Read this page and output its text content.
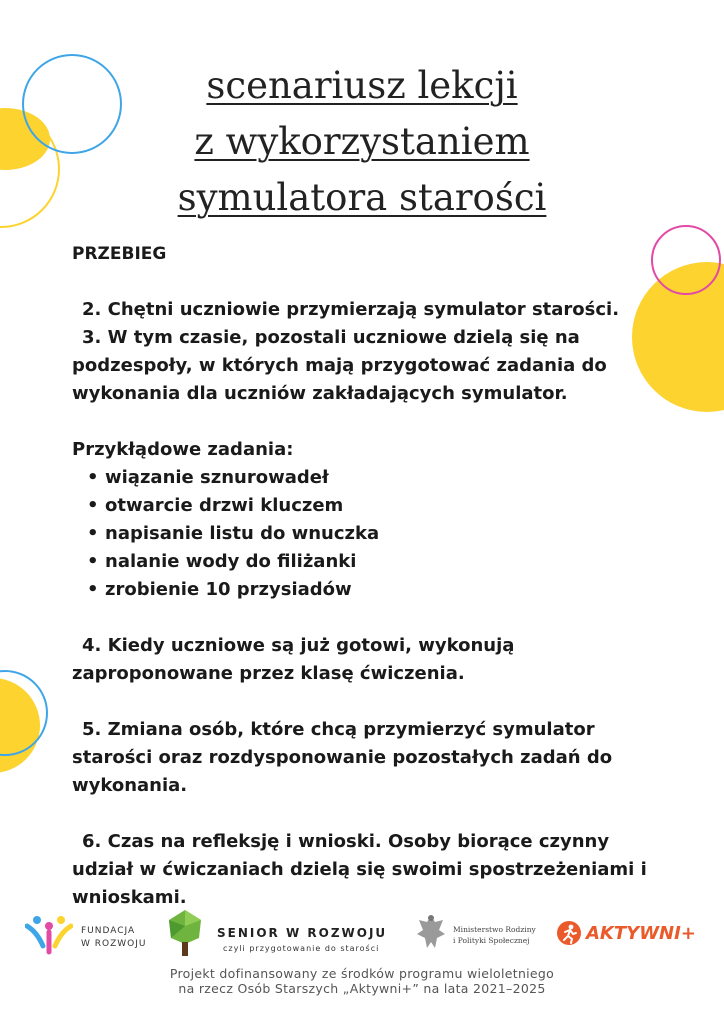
scenariusz lekcji
z wykorzystaniem
symulatora starości

PRZEBIEG

2. Chętni uczniowie przymierzają symulator starości.

3. W tym czasie, pozostali uczniowe dzielą się na podzespoły, w których mają przygotować zadania do wykonania dla uczniów zakładających symulator.

Przykłądowe zadania:

• wiązanie sznurowadeł
• otwarcie drzwi kluczem
• napisanie listu do wnuczka
• nalanie wody do filiżanki
• zrobienie 10 przysiadów

4. Kiedy uczniowe są już gotowi, wykonują zaproponowane przez klasę ćwiczenia.

5. Zmiana osób, które chcą przymierzyć symulator starości oraz rozdysponowanie pozostałych zadań do wykonania.

6. Czas na refleksję i wnioski. Osoby biorące czynny udział w ćwiczaniach dzielą się swoimi spostrzeżeniami i wnioskami.

FUNDACJA
W ROZWOJU
SENIOR W ROZWOJU
czyli przygotowanie do starości
Ministerstwo Rodziny
i Polityki Społecznej	AKTYWNI+
Projekt dofinansowany ze środków programu wieloletniego
na rzecz Osób Starszych „Aktywni+” na lata 2021–2025
